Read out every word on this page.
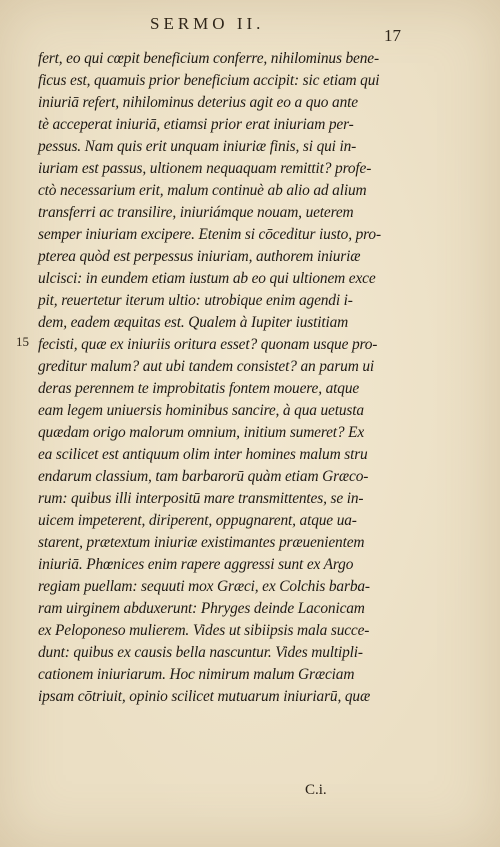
SERMO II.
17
15
fert, eo qui cœpit beneficium conferre, nihilominus bene-
ficus est, quamuis prior beneficium accipit: sic etiam qui
iniuriā refert, nihilominus deterius agit eo a quo ante
tè acceperat iniuriā, etiamsi prior erat iniuriam per-
pessus. Nam quis erit unquam iniuriæ finis, si qui in-
iuriam est passus, ultionem nequaquam remittit? profe-
ctò necessarium erit, malum continuè ab alio ad alium
transferri ac transilire, iniuriámque nouam, ueterem
semper iniuriam excipere. Etenim si cōceditur iusto, pro-
pterea quòd est perpessus iniuriam, authorem iniuriæ
ulcisci: in eundem etiam iustum ab eo qui ultionem exce
pit, reuertetur iterum ultio: utrobique enim agendi i-
dem, eadem æquitas est. Qualem à Iupiter iustitiam
fecisti, quæ ex iniuriis oritura esset? quonam usque pro-
greditur malum? aut ubi tandem consistet? an parum ui
deras perennem te improbitatis fontem mouere, atque
eam legem uniuersis hominibus sancire, à qua uetusta
quædam origo malorum omnium, initium sumeret? Ex
ea scilicet est antiquum olim inter homines malum stru
endarum classium, tam barbarorū quàm etiam Græco-
rum: quibus illi interpositū mare transmittentes, se in-
uicem impeterent, diriperent, oppugnarent, atque ua-
starent, prætextum iniuriæ existimantes præuenientem
iniuriā. Phœnices enim rapere aggressi sunt ex Argo
regiam puellam: sequuti mox Græci, ex Colchis barba-
ram uirginem abduxerunt: Phryges deinde Laconicam
ex Peloponeso mulierem. Vides ut sibiipsis mala succe-
dunt: quibus ex causis bella nascuntur. Vides multipli-
cationem iniuriarum. Hoc nimirum malum Græciam
ipsam cōtriuit, opinio scilicet mutuarum iniuriarū, quæ
C.i.
